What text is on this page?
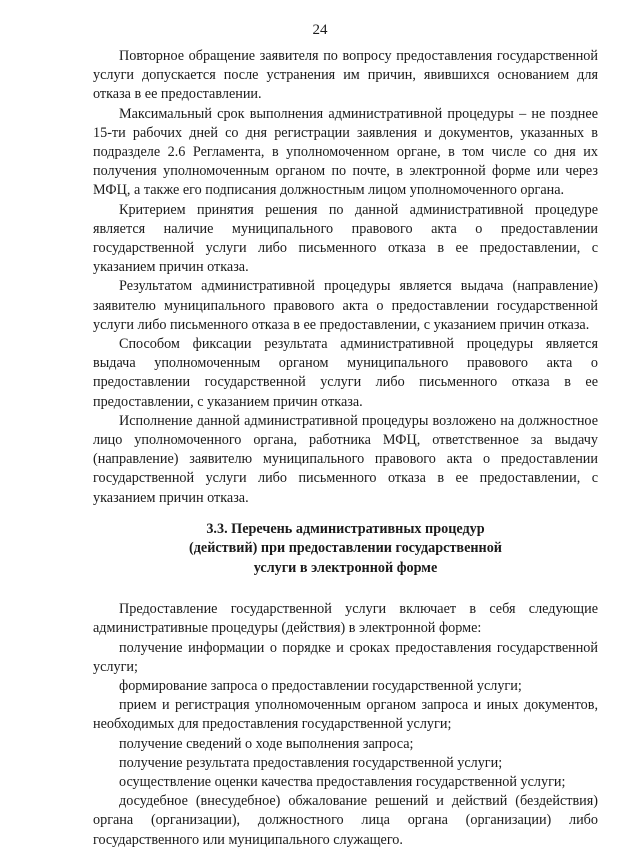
24

Повторное обращение заявителя по вопросу предоставления государственной услуги допускается после устранения им причин, явившихся основанием для отказа в ее предоставлении.

Максимальный срок выполнения административной процедуры – не позднее 15-ти рабочих дней со дня регистрации заявления и документов, указанных в подразделе 2.6 Регламента, в уполномоченном органе, в том числе со дня их получения уполномоченным органом по почте, в электронной форме или через МФЦ, а также его подписания должностным лицом уполномоченного органа.

Критерием принятия решения по данной административной процедуре является наличие муниципального правового акта о предоставлении государственной услуги либо письменного отказа в ее предоставлении, с указанием причин отказа.

Результатом административной процедуры является выдача (направление) заявителю муниципального правового акта о предоставлении государственной услуги либо письменного отказа в ее предоставлении, с указанием причин отказа.

Способом фиксации результата административной процедуры является выдача уполномоченным органом муниципального правового акта о предоставлении государственной услуги либо письменного отказа в ее предоставлении, с указанием причин отказа.

Исполнение данной административной процедуры возложено на должностное лицо уполномоченного органа, работника МФЦ, ответственное за выдачу (направление) заявителю муниципального правового акта о предоставлении государственной услуги либо письменного отказа в ее предоставлении, с указанием причин отказа.

3.3. Перечень административных процедур
(действий) при предоставлении государственной
услуги в электронной форме

Предоставление государственной услуги включает в себя следующие административные процедуры (действия) в электронной форме:

получение информации о порядке и сроках предоставления государственной услуги;

формирование запроса о предоставлении государственной услуги;

прием и регистрация уполномоченным органом запроса и иных документов, необходимых для предоставления государственной услуги;

получение сведений о ходе выполнения запроса;

получение результата предоставления государственной услуги;

осуществление оценки качества предоставления государственной услуги;

досудебное (внесудебное) обжалование решений и действий (бездействия) органа (организации), должностного лица органа (организации) либо государственного или муниципального служащего.
